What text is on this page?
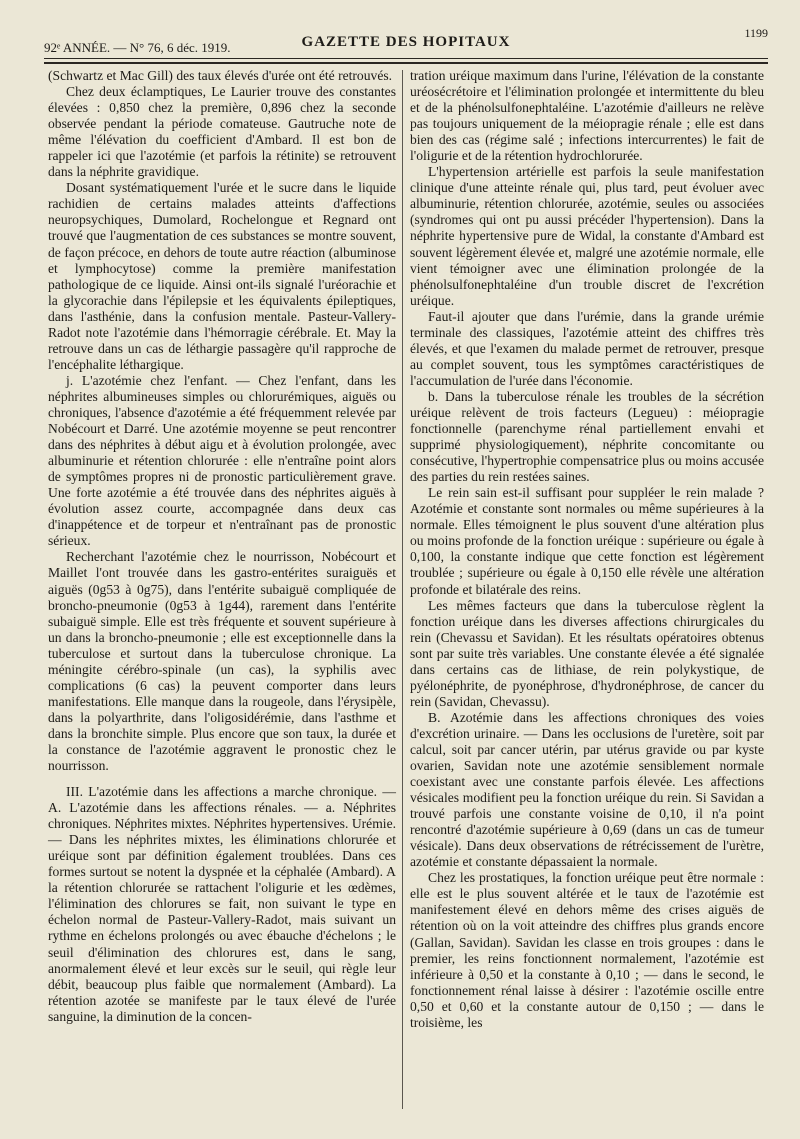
92ᵉ ANNÉE. — N° 76, 6 déc. 1919.	GAZETTE DES HOPITAUX
1199

(Schwartz et Mac Gill) des taux élevés d'urée ont été retrouvés.

Chez deux éclamptiques, Le Laurier trouve des constantes élevées : 0,850 chez la première, 0,896 chez la seconde observée pendant la période comateuse. Gautruche note de même l'élévation du coefficient d'Ambard. Il est bon de rappeler ici que l'azotémie (et parfois la rétinite) se retrouvent dans la néphrite gravidique.

Dosant systématiquement l'urée et le sucre dans le liquide rachidien de certains malades atteints d'affections neuropsychiques, Dumolard, Rochelongue et Regnard ont trouvé que l'augmentation de ces substances se montre souvent, de façon précoce, en dehors de toute autre réaction (albuminose et lymphocytose) comme la première manifestation pathologique de ce liquide. Ainsi ont-ils signalé l'uréorachie et la glycorachie dans l'épilepsie et les équivalents épileptiques, dans l'asthénie, dans la confusion mentale. Pasteur-Vallery-Radot note l'azotémie dans l'hémorragie cérébrale. Et. May la retrouve dans un cas de léthargie passagère qu'il rapproche de l'encéphalite léthargique.

j. L'azotémie chez l'enfant. — Chez l'enfant, dans les néphrites albumineuses simples ou chlorurémiques, aiguës ou chroniques, l'absence d'azotémie a été fréquemment relevée par Nobécourt et Darré. Une azotémie moyenne se peut rencontrer dans des néphrites à début aigu et à évolution prolongée, avec albuminurie et rétention chlorurée : elle n'entraîne point alors de symptômes propres ni de pronostic particulièrement grave. Une forte azotémie a été trouvée dans des néphrites aiguës à évolution assez courte, accompagnée dans deux cas d'inappétence et de torpeur et n'entraînant pas de pronostic sérieux.

Recherchant l'azotémie chez le nourrisson, Nobécourt et Maillet l'ont trouvée dans les gastro-entérites suraiguës et aiguës (0g53 à 0g75), dans l'entérite subaiguë compliquée de broncho-pneumonie (0g53 à 1g44), rarement dans l'entérite subaiguë simple. Elle est très fréquente et souvent supérieure à un dans la broncho-pneumonie ; elle est exceptionnelle dans la tuberculose et surtout dans la tuberculose chronique. La méningite cérébro-spinale (un cas), la syphilis avec complications (6 cas) la peuvent comporter dans leurs manifestations. Elle manque dans la rougeole, dans l'érysipèle, dans la polyarthrite, dans l'oligosidérémie, dans l'asthme et dans la bronchite simple. Plus encore que son taux, la durée et la constance de l'azotémie aggravent le pronostic chez le nourrisson.

III. L'azotémie dans les affections a marche chronique. — A. L'azotémie dans les affections rénales. — a. Néphrites chroniques. Néphrites mixtes. Néphrites hypertensives. Urémie. — Dans les néphrites mixtes, les éliminations chlorurée et uréique sont par définition également troublées. Dans ces formes surtout se notent la dyspnée et la céphalée (Ambard). A la rétention chlorurée se rattachent l'oligurie et les œdèmes, l'élimination des chlorures se fait, non suivant le type en échelon normal de Pasteur-Vallery-Radot, mais suivant un rythme en échelons prolongés ou avec ébauche d'échelons ; le seuil d'élimination des chlorures est, dans le sang, anormalement élevé et leur excès sur le seuil, qui règle leur débit, beaucoup plus faible que normalement (Ambard). La rétention azotée se manifeste par le taux élevé de l'urée sanguine, la diminution de la concen-

tration uréique maximum dans l'urine, l'élévation de la constante uréosécrétoire et l'élimination prolongée et intermittente du bleu et de la phénolsulfonephtaléine. L'azotémie d'ailleurs ne relève pas toujours uniquement de la méiopragie rénale ; elle est dans bien des cas (régime salé ; infections intercurrentes) le fait de l'oligurie et de la rétention hydrochlorurée.

L'hypertension artérielle est parfois la seule manifestation clinique d'une atteinte rénale qui, plus tard, peut évoluer avec albuminurie, rétention chlorurée, azotémie, seules ou associées (syndromes qui ont pu aussi précéder l'hypertension). Dans la néphrite hypertensive pure de Widal, la constante d'Ambard est souvent légèrement élevée et, malgré une azotémie normale, elle vient témoigner avec une élimination prolongée de la phénolsulfonephtaléine d'un trouble discret de l'excrétion uréique.

Faut-il ajouter que dans l'urémie, dans la grande urémie terminale des classiques, l'azotémie atteint des chiffres très élevés, et que l'examen du malade permet de retrouver, presque au complet souvent, tous les symptômes caractéristiques de l'accumulation de l'urée dans l'économie.

b. Dans la tuberculose rénale les troubles de la sécrétion uréique relèvent de trois facteurs (Legueu) : méiopragie fonctionnelle (parenchyme rénal partiellement envahi et supprimé physiologiquement), néphrite concomitante ou consécutive, l'hypertrophie compensatrice plus ou moins accusée des parties du rein restées saines.

Le rein sain est-il suffisant pour suppléer le rein malade ? Azotémie et constante sont normales ou même supérieures à la normale. Elles témoignent le plus souvent d'une altération plus ou moins profonde de la fonction uréique : supérieure ou égale à 0,100, la constante indique que cette fonction est légèrement troublée ; supérieure ou égale à 0,150 elle révèle une altération profonde et bilatérale des reins.

Les mêmes facteurs que dans la tuberculose règlent la fonction uréique dans les diverses affections chirurgicales du rein (Chevassu et Savidan). Et les résultats opératoires obtenus sont par suite très variables. Une constante élevée a été signalée dans certains cas de lithiase, de rein polykystique, de pyélonéphrite, de pyonéphrose, d'hydronéphrose, de cancer du rein (Savidan, Chevassu).

B. Azotémie dans les affections chroniques des voies d'excrétion urinaire. — Dans les occlusions de l'uretère, soit par calcul, soit par cancer utérin, par utérus gravide ou par kyste ovarien, Savidan note une azotémie sensiblement normale coexistant avec une constante parfois élevée. Les affections vésicales modifient peu la fonction uréique du rein. Si Savidan a trouvé parfois une constante voisine de 0,10, il n'a point rencontré d'azotémie supérieure à 0,69 (dans un cas de tumeur vésicale). Dans deux observations de rétrécissement de l'urètre, azotémie et constante dépassaient la normale.

Chez les prostatiques, la fonction uréique peut être normale : elle est le plus souvent altérée et le taux de l'azotémie est manifestement élevé en dehors même des crises aiguës de rétention où on la voit atteindre des chiffres plus grands encore (Gallan, Savidan). Savidan les classe en trois groupes : dans le premier, les reins fonctionnent normalement, l'azotémie est inférieure à 0,50 et la constante à 0,10 ; — dans le second, le fonctionnement rénal laisse à désirer : l'azotémie oscille entre 0,50 et 0,60 et la constante autour de 0,150 ; — dans le troisième, les
